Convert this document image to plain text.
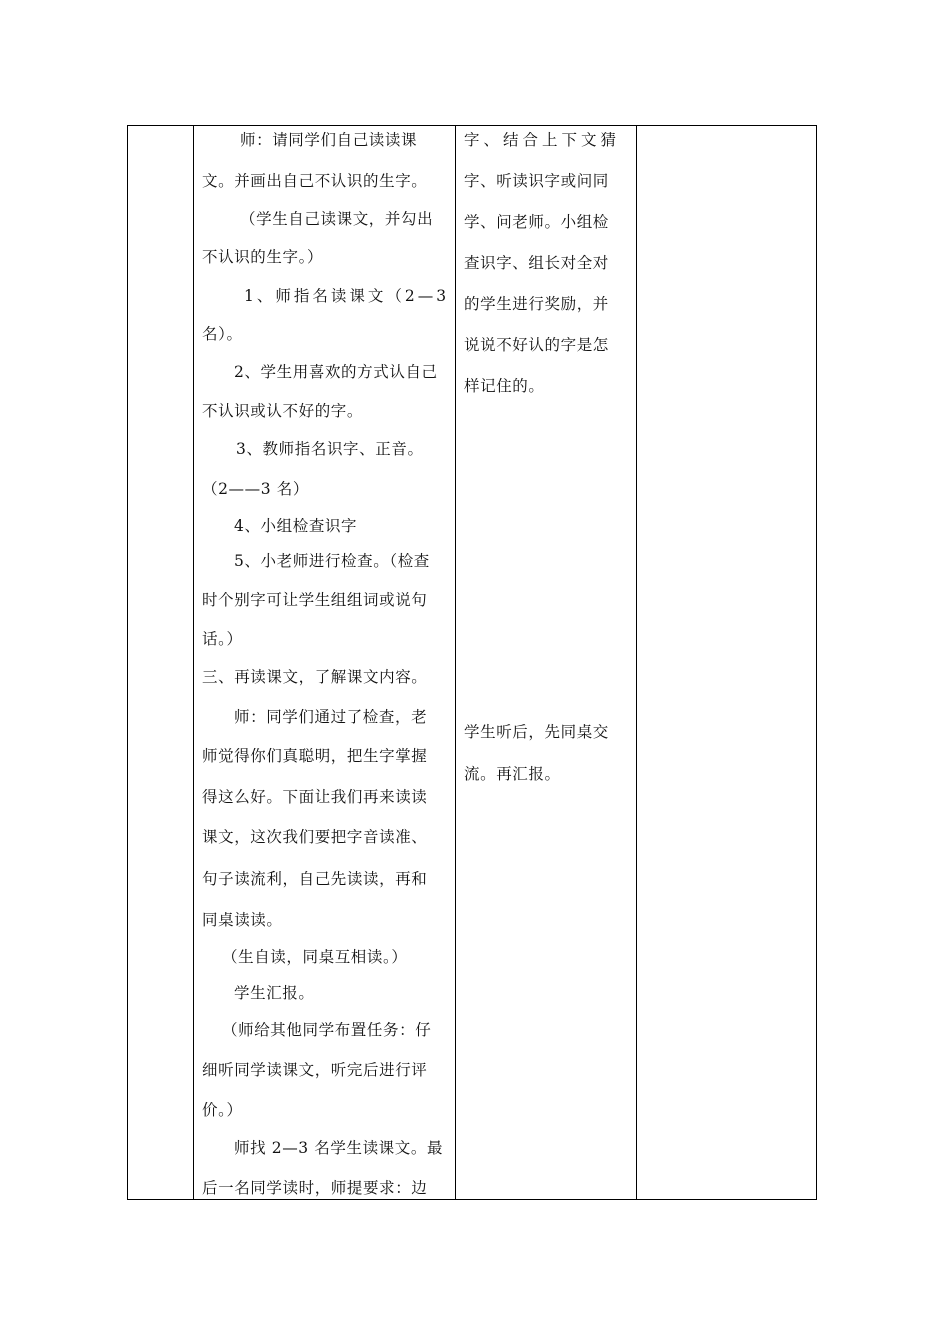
师：请同学们自己读读课
文。并画出自己不认识的生字。
（学生自己读课文，并勾出
不认识的生字。）
1、师指名读课文（2—3
名）。
2、学生用喜欢的方式认自己
不认识或认不好的字。
3、教师指名识字、正音。
（2——3 名）
4、小组检查识字
5、小老师进行检查。（检查
时个别字可让学生组组词或说句
话。）
三、再读课文，了解课文内容。
师：同学们通过了检查，老
师觉得你们真聪明，把生字掌握
得这么好。下面让我们再来读读
课文，这次我们要把字音读准、
句子读流利，自己先读读，再和
同桌读读。
（生自读，同桌互相读。）
学生汇报。
（师给其他同学布置任务：仔
细听同学读课文，听完后进行评
价。）
师找 2—3 名学生读课文。最
后一名同学读时，师提要求：边

字、结合上下文猜
字、听读识字或问同
学、问老师。小组检
查识字、组长对全对
的学生进行奖励，并
说说不好认的字是怎
样记住的。
学生听后，先同桌交
流。再汇报。
